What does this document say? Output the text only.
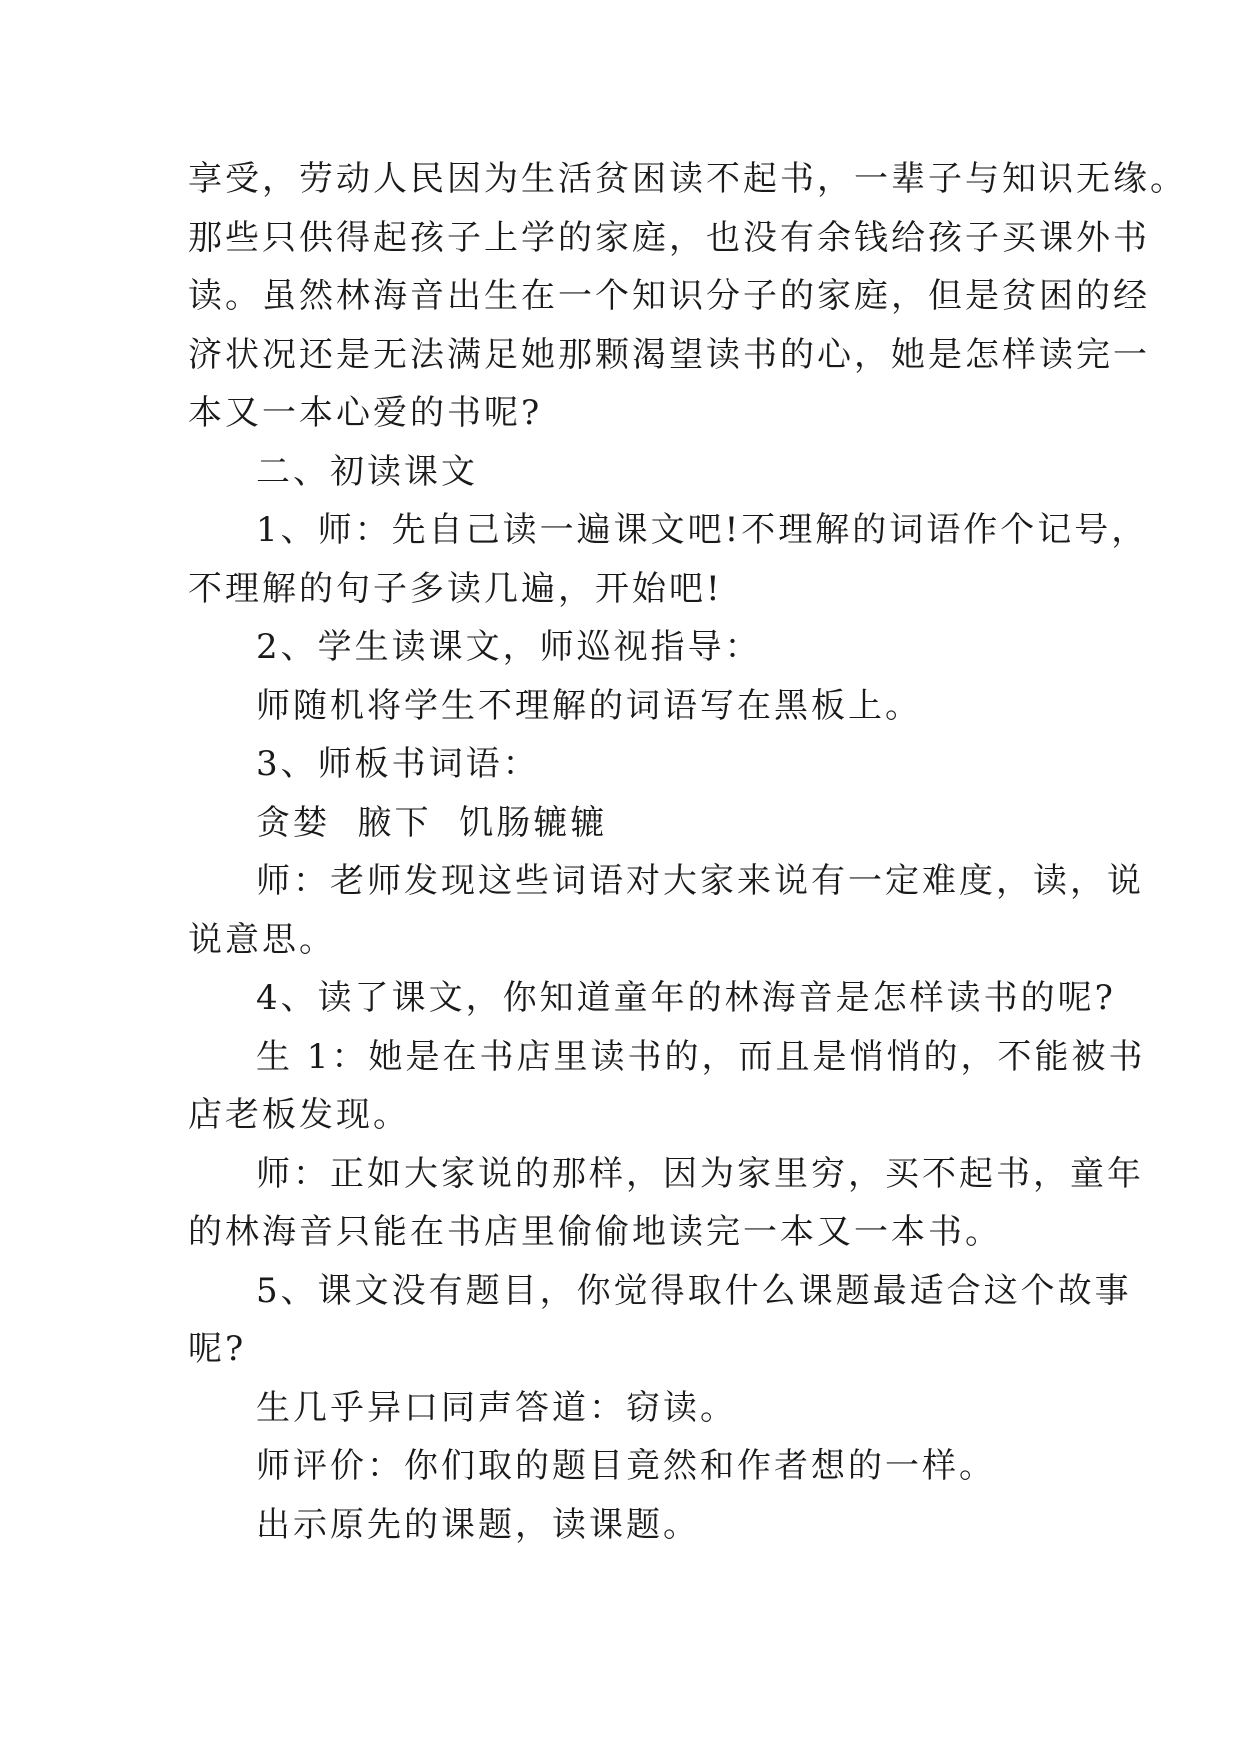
享受，劳动人民因为生活贫困读不起书，一辈子与知识无缘。
那些只供得起孩子上学的家庭，也没有余钱给孩子买课外书
读。虽然林海音出生在一个知识分子的家庭，但是贫困的经
济状况还是无法满足她那颗渴望读书的心，她是怎样读完一
本又一本心爱的书呢?
二、初读课文
1、师：先自己读一遍课文吧!不理解的词语作个记号，
不理解的句子多读几遍，开始吧!
2、学生读课文，师巡视指导：
师随机将学生不理解的词语写在黑板上。
3、师板书词语：
贪婪  腋下  饥肠辘辘
师：老师发现这些词语对大家来说有一定难度，读，说
说意思。
4、读了课文，你知道童年的林海音是怎样读书的呢?
生 1：她是在书店里读书的，而且是悄悄的，不能被书
店老板发现。
师：正如大家说的那样，因为家里穷，买不起书，童年
的林海音只能在书店里偷偷地读完一本又一本书。
5、课文没有题目，你觉得取什么课题最适合这个故事
呢?
生几乎异口同声答道：窃读。
师评价：你们取的题目竟然和作者想的一样。
出示原先的课题，读课题。
